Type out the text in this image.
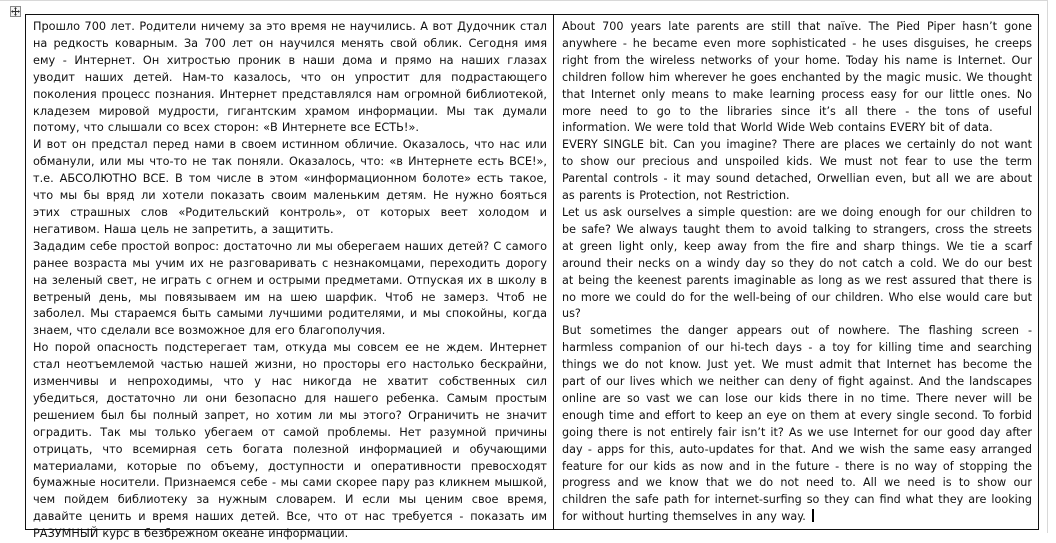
Прошло 700 лет. Родители ничему за это время не научились. А вот Дудочник стал на редкость коварным. За 700 лет он научился менять свой облик. Сегодня имя ему - Интернет. Он хитростью проник в наши дома и прямо на наших глазах уводит наших детей. Нам-то казалось, что он упростит для подрастающего поколения процесс познания. Интернет представлялся нам огромной библиотекой, кладезем мировой мудрости, гигантским храмом информации. Мы так думали потому, что слышали со всех сторон: «В Интернете все ЕСТЬ!».

И вот он предстал перед нами в своем истинном обличие. Оказалось, что нас или обманули, или мы что-то не так поняли. Оказалось, что: «в Интернете есть ВСЕ!», т.е. АБСОЛЮТНО ВСЕ. В том числе в этом «информационном болоте» есть такое, что мы бы вряд ли хотели показать своим маленьким детям. Не нужно бояться этих страшных слов «Родительский контроль», от которых веет холодом и негативом. Наша цель не запретить, а защитить.

Зададим себе простой вопрос: достаточно ли мы оберегаем наших детей? С самого ранее возраста мы учим их не разговаривать с незнакомцами, переходить дорогу на зеленый свет, не играть с огнем и острыми предметами. Отпуская их в школу в ветреный день, мы повязываем им на шею шарфик. Чтоб не замерз. Чтоб не заболел. Мы стараемся быть самыми лучшими родителями, и мы спокойны, когда знаем, что сделали все возможное для его благополучия.

Но порой опасность подстерегает там, откуда мы совсем ее не ждем. Интернет стал неотъемлемой частью нашей жизни, но просторы его настолько бескрайни, изменчивы и непроходимы, что у нас никогда не хватит собственных сил убедиться, достаточно ли они безопасно для нашего ребенка. Самым простым решением был бы полный запрет, но хотим ли мы этого? Ограничить не значит оградить. Так мы только убегаем от самой проблемы. Нет разумной причины отрицать, что всемирная сеть богата полезной информацией и обучающими материалами, которые по объему, доступности и оперативности превосходят бумажные носители. Признаемся себе - мы сами скорее пару раз кликнем мышкой, чем пойдем библиотеку за нужным словарем. И если мы ценим свое время, давайте ценить и время наших детей. Все, что от нас требуется - показать им РАЗУМНЫЙ курс в безбрежном океане информации.

About 700 years late parents are still that naïve. The Pied Piper hasn’t gone anywhere - he became even more sophisticated - he uses disguises, he creeps right from the wireless networks of your home. Today his name is Internet. Our children follow him wherever he goes enchanted by the magic music. We thought that Internet only means to make learning process easy for our little ones. No more need to go to the libraries since it’s all there - the tons of useful information. We were told that World Wide Web contains EVERY bit of data.

EVERY SINGLE bit. Can you imagine? There are places we certainly do not want to show our precious and unspoiled kids. We must not fear to use the term Parental controls - it may sound detached, Orwellian even, but all we are about as parents is Protection, not Restriction.

Let us ask ourselves a simple question: are we doing enough for our children to be safe? We always taught them to avoid talking to strangers, cross the streets at green light only, keep away from the fire and sharp things. We tie a scarf around their necks on a windy day so they do not catch a cold. We do our best at being the keenest parents imaginable as long as we rest assured that there is no more we could do for the well-being of our children. Who else would care but us?

But sometimes the danger appears out of nowhere. The flashing screen - harmless companion of our hi-tech days - a toy for killing time and searching things we do not know. Just yet. We must admit that Internet has become the part of our lives which we neither can deny of fight against. And the landscapes online are so vast we can lose our kids there in no time. There never will be enough time and effort to keep an eye on them at every single second. To forbid going there is not entirely fair isn’t it? As we use Internet for our good day after day - apps for this, auto-updates for that. And we wish the same easy arranged feature for our kids as now and in the future - there is no way of stopping the progress and we know that we do not need to. All we need is to show our children the safe path for internet-surfing so they can find what they are looking for without hurting themselves in any way.
